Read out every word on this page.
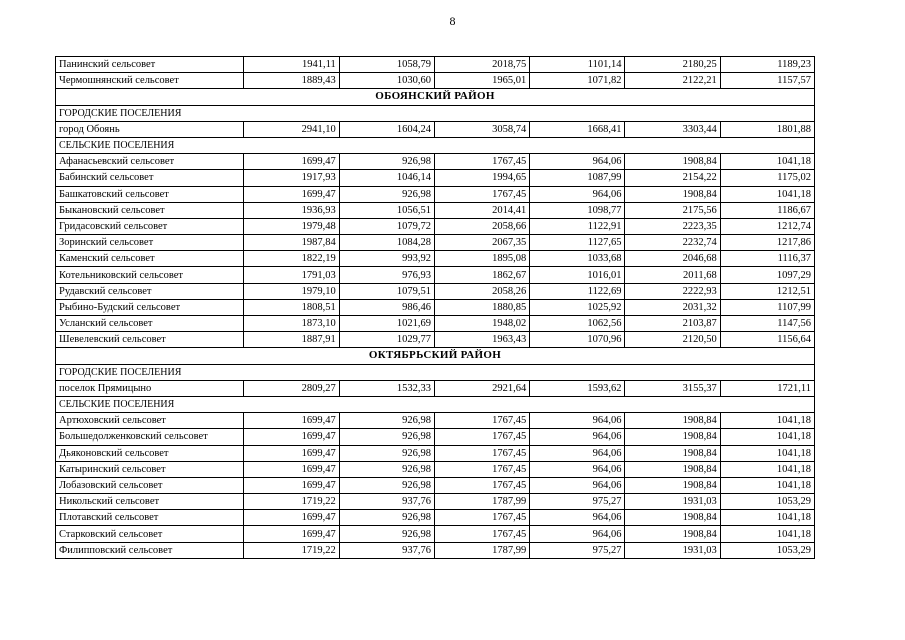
8
Панинский сельсовет	1941,11	1058,79	2018,75	1101,14	2180,25	1189,23
Чермошнянский сельсовет	1889,43	1030,60	1965,01	1071,82	2122,21	1157,57
ОБОЯНСКИЙ РАЙОН						
ГОРОДСКИЕ ПОСЕЛЕНИЯ						
город Обоянь	2941,10	1604,24	3058,74	1668,41	3303,44	1801,88
СЕЛЬСКИЕ ПОСЕЛЕНИЯ						
Афанасьевский сельсовет	1699,47	926,98	1767,45	964,06	1908,84	1041,18
Бабинский сельсовет	1917,93	1046,14	1994,65	1087,99	2154,22	1175,02
Башкатовский сельсовет	1699,47	926,98	1767,45	964,06	1908,84	1041,18
Быкановский сельсовет	1936,93	1056,51	2014,41	1098,77	2175,56	1186,67
Гридасовский сельсовет	1979,48	1079,72	2058,66	1122,91	2223,35	1212,74
Зоринский сельсовет	1987,84	1084,28	2067,35	1127,65	2232,74	1217,86
Каменский сельсовет	1822,19	993,92	1895,08	1033,68	2046,68	1116,37
Котельниковский сельсовет	1791,03	976,93	1862,67	1016,01	2011,68	1097,29
Рудавский сельсовет	1979,10	1079,51	2058,26	1122,69	2222,93	1212,51
Рыбино-Будский сельсовет	1808,51	986,46	1880,85	1025,92	2031,32	1107,99
Усланский сельсовет	1873,10	1021,69	1948,02	1062,56	2103,87	1147,56
Шевелевский сельсовет	1887,91	1029,77	1963,43	1070,96	2120,50	1156,64
ОКТЯБРЬСКИЙ РАЙОН						
ГОРОДСКИЕ ПОСЕЛЕНИЯ						
поселок Прямицыно	2809,27	1532,33	2921,64	1593,62	3155,37	1721,11
СЕЛЬСКИЕ ПОСЕЛЕНИЯ						
Артюховский сельсовет	1699,47	926,98	1767,45	964,06	1908,84	1041,18
Большедолженковский сельсовет	1699,47	926,98	1767,45	964,06	1908,84	1041,18
Дьяконовский сельсовет	1699,47	926,98	1767,45	964,06	1908,84	1041,18
Катыринский сельсовет	1699,47	926,98	1767,45	964,06	1908,84	1041,18
Лобазовский сельсовет	1699,47	926,98	1767,45	964,06	1908,84	1041,18
Никольский сельсовет	1719,22	937,76	1787,99	975,27	1931,03	1053,29
Плотавский сельсовет	1699,47	926,98	1767,45	964,06	1908,84	1041,18
Старковский сельсовет	1699,47	926,98	1767,45	964,06	1908,84	1041,18
Филипповский сельсовет	1719,22	937,76	1787,99	975,27	1931,03	1053,29
